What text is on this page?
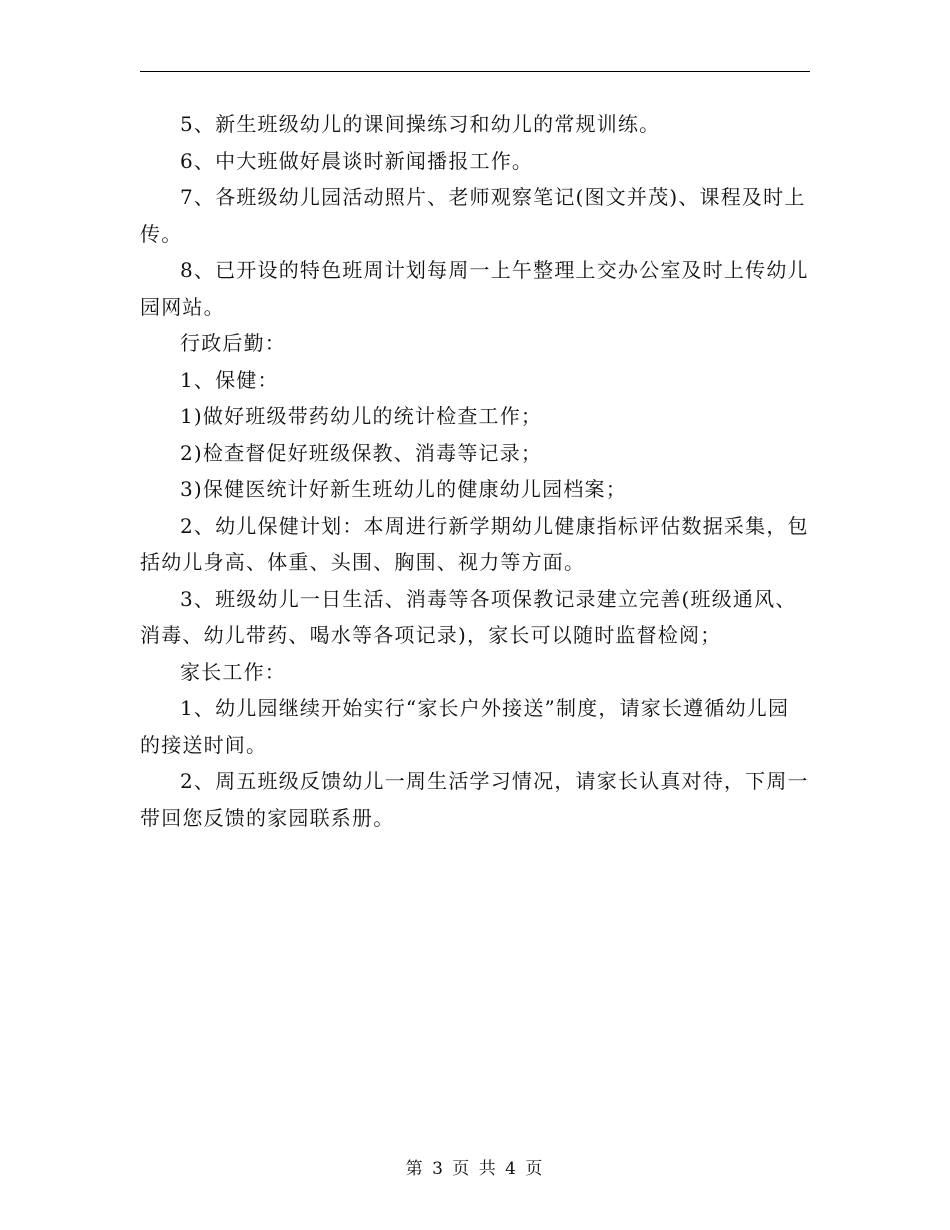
5、新生班级幼儿的课间操练习和幼儿的常规训练。

6、中大班做好晨谈时新闻播报工作。

7、各班级幼儿园活动照片、老师观察笔记(图文并茂)、课程及时上传。

8、已开设的特色班周计划每周一上午整理上交办公室及时上传幼儿园网站。

行政后勤：

1、保健：

1)做好班级带药幼儿的统计检查工作；

2)检查督促好班级保教、消毒等记录；

3)保健医统计好新生班幼儿的健康幼儿园档案；

2、幼儿保健计划：本周进行新学期幼儿健康指标评估数据采集，包括幼儿身高、体重、头围、胸围、视力等方面。

3、班级幼儿一日生活、消毒等各项保教记录建立完善(班级通风、消毒、幼儿带药、喝水等各项记录)，家长可以随时监督检阅；

家长工作：

1、幼儿园继续开始实行“家长户外接送”制度，请家长遵循幼儿园的接送时间。

2、周五班级反馈幼儿一周生活学习情况，请家长认真对待，下周一带回您反馈的家园联系册。

第 3 页 共 4 页
